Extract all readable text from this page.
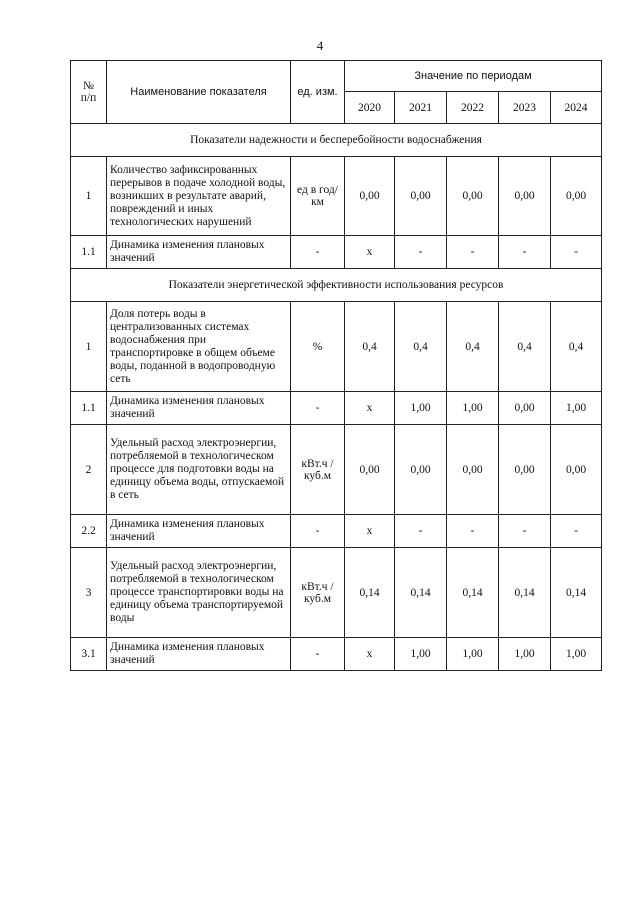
4
№
п/п	Наименование показателя	ед. изм.	Значение по периодам				
			2020	2021	2022	2023	2024
Показатели надежности и бесперебойности водоснабжения							
1	Количество зафиксированных перерывов в подаче холодной воды, возникших в результате аварий, повреждений и иных технологических нарушений	ед в год/ км	0,00	0,00	0,00	0,00	0,00
1.1	Динамика изменения плановых значений	-	х	-	-	-	-
Показатели энергетической эффективности использования ресурсов							
1	Доля потерь воды в централизованных системах водоснабжения при транспортировке в общем объеме воды, поданной в водопроводную сеть	%	0,4	0,4	0,4	0,4	0,4
1.1	Динамика изменения плановых значений	-	х	1,00	1,00	0,00	1,00
2	Удельный расход электроэнергии, потребляемой в технологическом процессе для подготовки воды на единицу объема воды, отпускаемой в сеть	кВт.ч / куб.м	0,00	0,00	0,00	0,00	0,00
2.2	Динамика изменения плановых значений	-	х	-	-	-	-
3	Удельный расход электроэнергии, потребляемой в технологическом процессе транспортировки воды на единицу объема транспортируемой воды	кВт.ч / куб.м	0,14	0,14	0,14	0,14	0,14
3.1	Динамика изменения плановых значений	-	х	1,00	1,00	1,00	1,00
